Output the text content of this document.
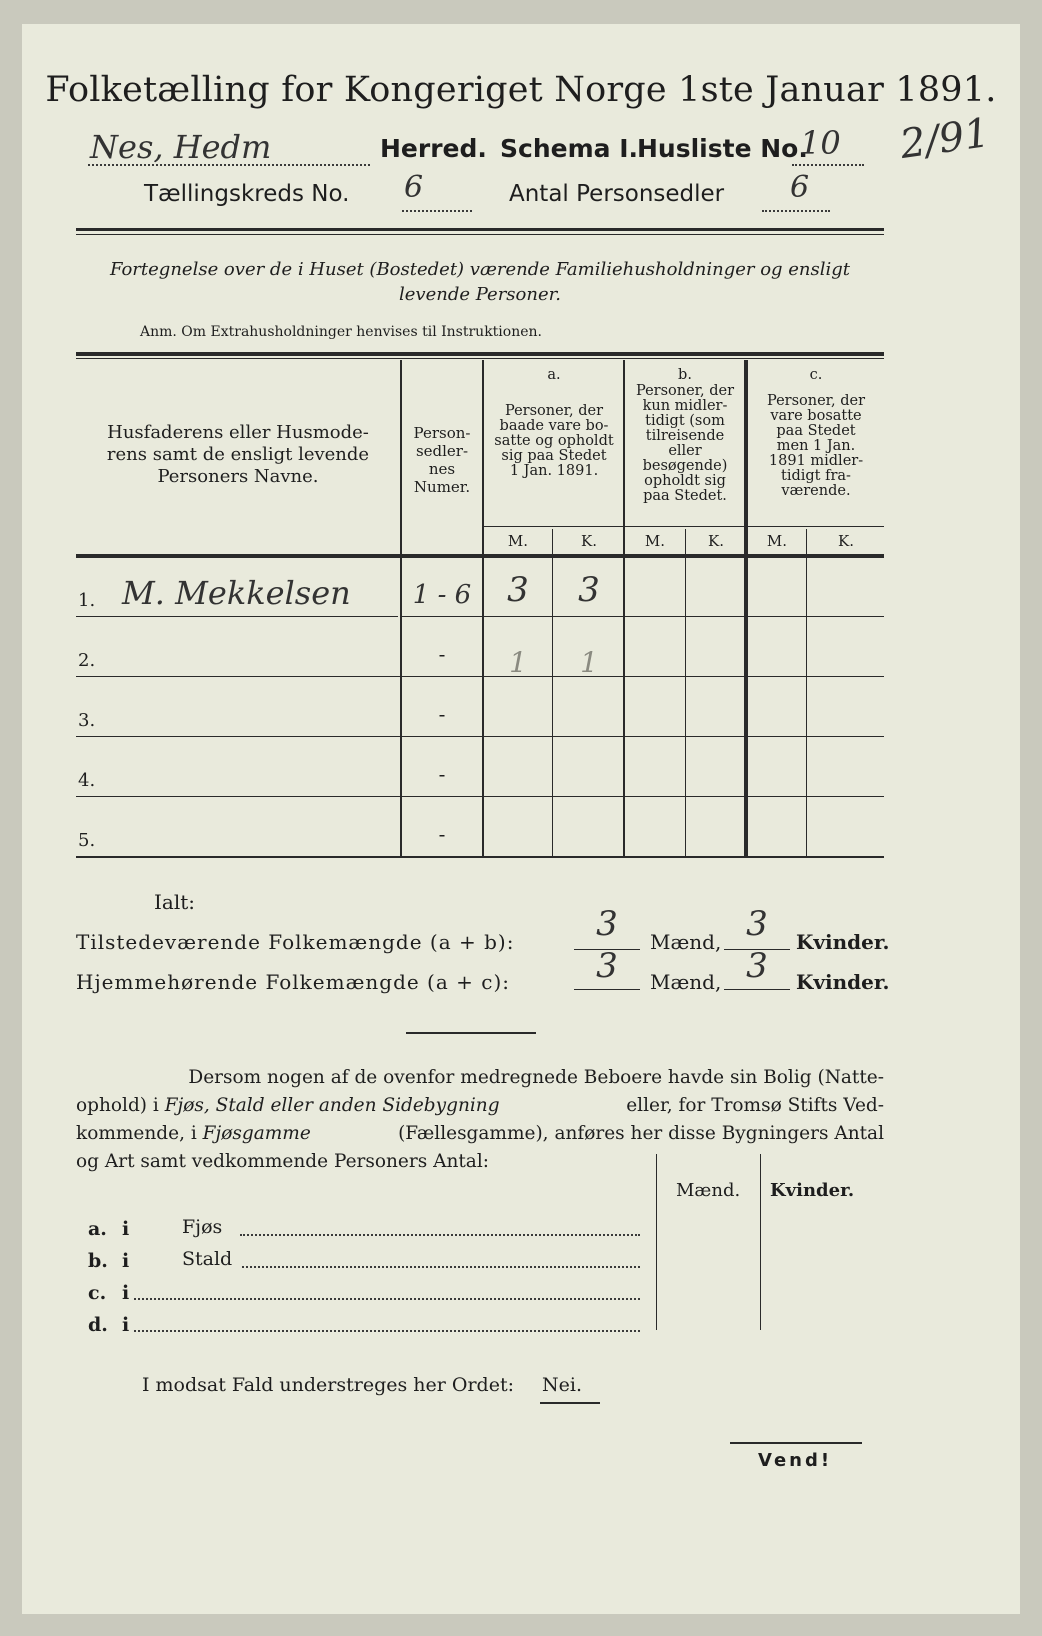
Folketælling for Kongeriget Norge 1ste Januar 1891.
Nes, Hedm	Herred. Schema I.
Husliste No.
10 2/91
Tællingskreds No. 6	Antal Personsedler 6
Fortegnelse over de i Huset (Bostedet) værende Familiehusholdninger og ensligt
levende Personer.
Anm. Om Extrahusholdninger henvises til Instruktionen.
Husfaderens eller Husmode-
rens samt de ensligt levende
Personers Navne.
Person-
sedler-
nes
Numer.
a.
Personer, der
baade vare bo-
satte og opholdt
sig paa Stedet
1 Jan. 1891.
b.
Personer, der
kun midler-
tidigt (som
tilreisende
eller
besøgende)
opholdt sig
paa Stedet.
c.
Personer, der
vare bosatte
paa Stedet
men 1 Jan.
1891 midler-
tidigt fra-
værende.
M.	K.	M.	K.	M.	K.
1. M. Mekkelsen	1 - 6	3	3
2.	-	1	1
3.	-
4.	-
5.	-
Ialt:
Tilstedeværende Folkemængde (a + b):	3	Mænd, 3	Kvinder.
Hjemmehørende Folkemængde (a + c):	3	Mænd, 3	Kvinder.
Dersom nogen af de ovenfor medregnede Beboere havde sin Bolig (Natte-
ophold) i Fjøs, Stald eller anden Sidebygning	eller, for Tromsø Stifts Ved-
kommende, i Fjøsgamme	(Fællesgamme), anføres her disse Bygningers Antal
og Art samt vedkommende Personers Antal:
Mænd. Kvinder.
a. i	Fjøs
b. i	Stald
c. i
d. i
I modsat Fald understreges her Ordet: Nei.
Vend!
